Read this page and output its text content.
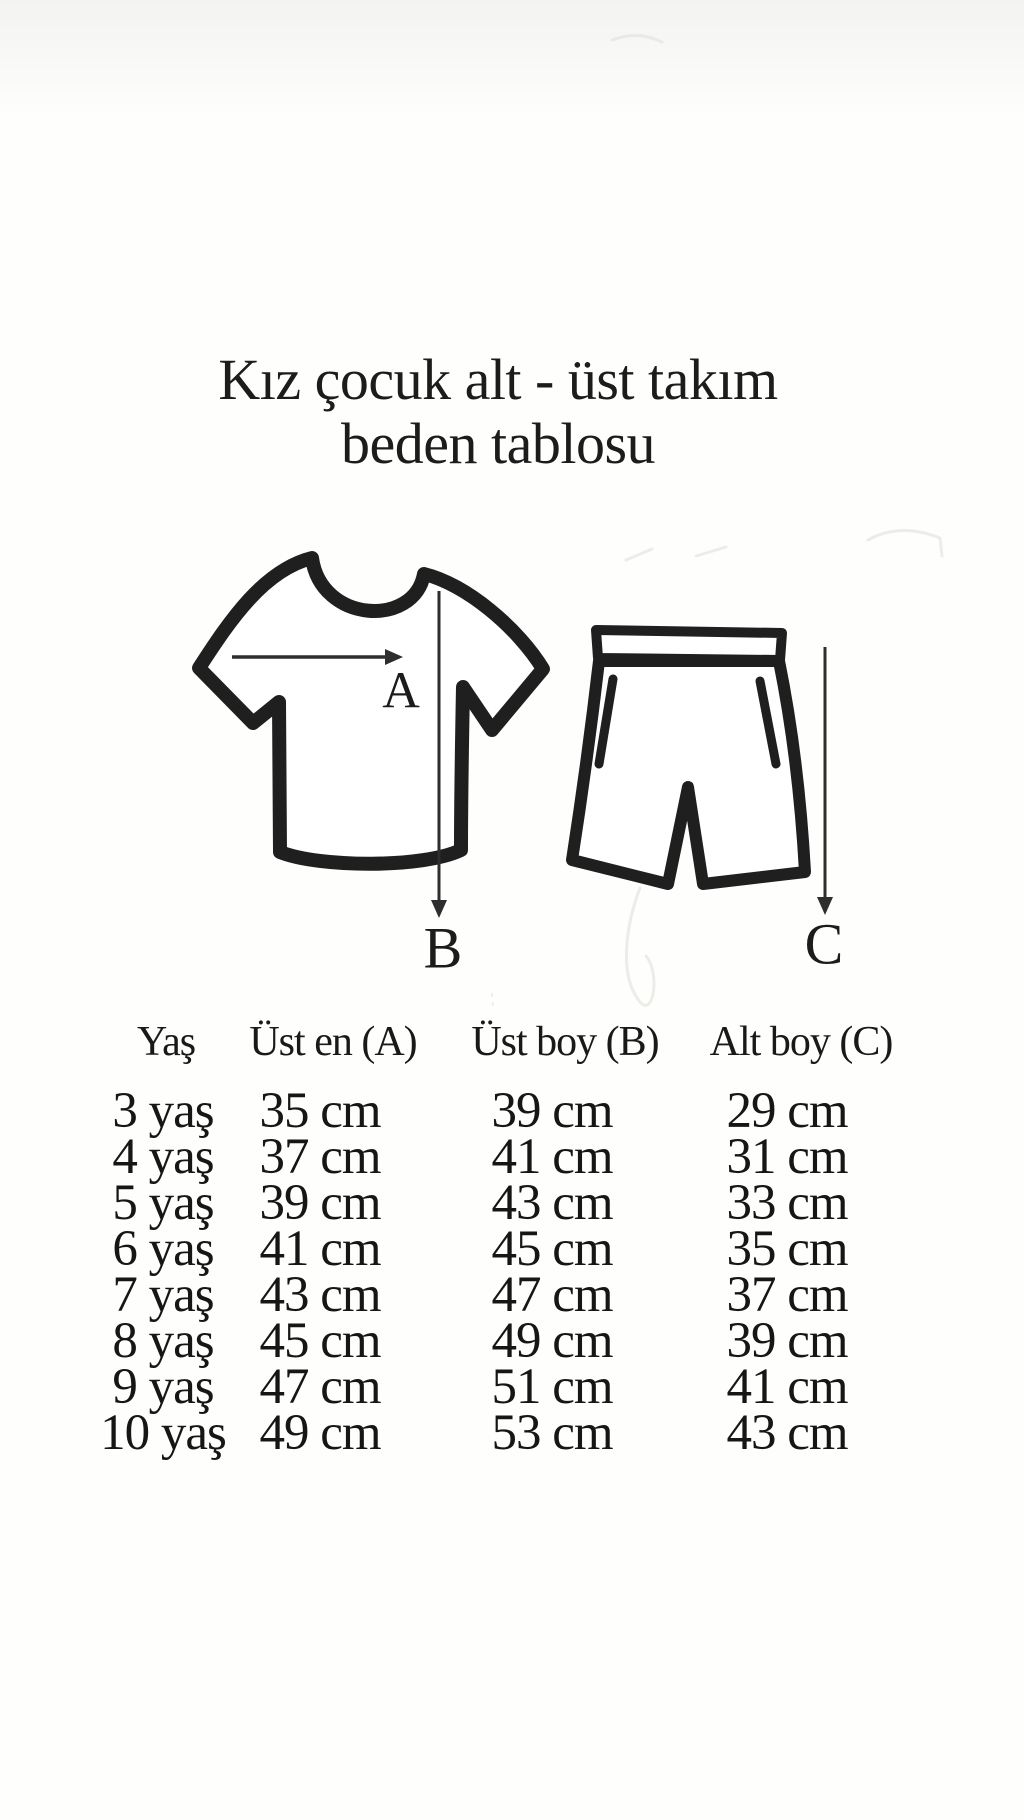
Kız çocuk alt - üst takım
beden tablosu
A
B	C
Yaş Üst en (A) Üst boy (B) Alt boy (C)
3 yaş
4 yaş
5 yaş
6 yaş
7 yaş
8 yaş
9 yaş
10 yaş
35 cm
37 cm
39 cm
41 cm
43 cm
45 cm
47 cm
49 cm
39 cm
41 cm
43 cm
45 cm
47 cm
49 cm
51 cm
53 cm
29 cm
31 cm
33 cm
35 cm
37 cm
39 cm
41 cm
43 cm
